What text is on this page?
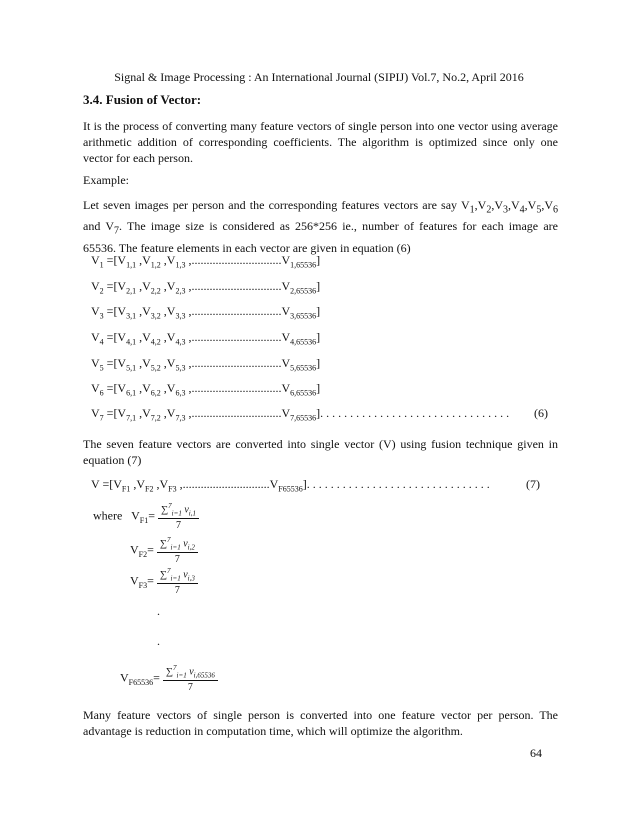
Signal & Image Processing : An International Journal (SIPIJ) Vol.7, No.2, April 2016
3.4. Fusion of Vector:
It is the process of converting many feature vectors of single person into one vector using average arithmetic addition of corresponding coefficients. The algorithm is optimized since only one vector for each person.
Example:
Let seven images per person and the corresponding features vectors are say $V_1,V_2,V_3,V_4,V_5,V_6$ and $V_7$. The image size is considered as 256*256 ie., number of features for each image are 65536. The feature elements in each vector are given in equation (6)
$V_1 =[V_{1,1}$ $,V_{1,2}$ $,V_{1,3}$ $,..............................V_{1,65536}$]
$V_2 =[V_{2,1}$ $,V_{2,2}$ $,V_{2,3}$ $,..............................V_{2,65536}$]
$V_3 =[V_{3,1}$ $,V_{3,2}$ $,V_{3,3}$ $,..............................V_{3,65536}$]
$V_4 =[V_{4,1}$ $,V_{4,2}$ $,V_{4,3}$ $,..............................V_{4,65536}$]
$V_5 =[V_{5,1}$ $,V_{5,2}$ $,V_{5,3}$ $,..............................V_{5,65536}$]
$V_6 =[V_{6,1}$ $,V_{6,2}$ $,V_{6,3}$ $,..............................V_{6,65536}$]
$V_7 =[V_{7,1}$ $,V_{7,2}$ $,V_{7,3}$ $,..............................V_{7,65536}$]. . . . . . . . . . . . . . . . . . . . . . . . . . . . . . . . (6)
The seven feature vectors are converted into single vector (V) using fusion technique given in equation (7)
$V =[V_{F1}$ $,V_{F2}$ $,V_{F3}$ $,.............................V_{F65536}$]. . . . . . . . . . . . . . . . . . . . . . . . . . . . . . .	(7)
where   $V_{F1}= \frac{\sum^7_{i=1} v_{i,1}}{7}$
$V_{F2}= \frac{\sum^7_{i=1} v_{i,2}}{7}$
$V_{F3}= \frac{\sum^7_{i=1} v_{i,3}}{7}$
.
.
$V_{F65536}= \frac{\sum^7_{i=1} v_{i,65536}}{7}$
Many feature vectors of single person is converted into one feature vector per person. The advantage is reduction in computation time, which will optimize the algorithm.
64
